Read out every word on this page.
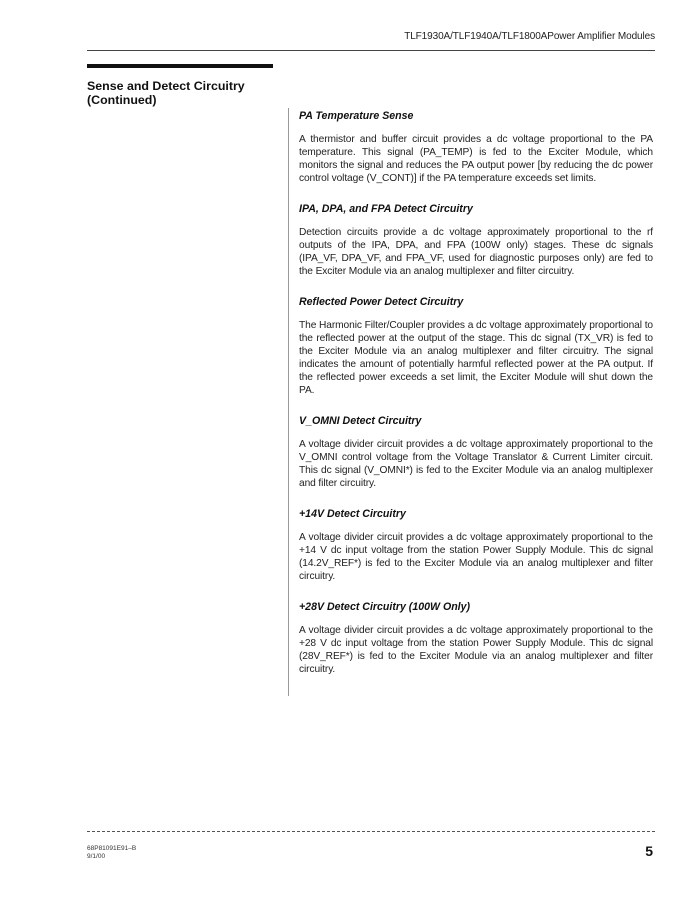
TLF1930A/TLF1940A/TLF1800APower Amplifier Modules
Sense and Detect Circuitry
(Continued)
PA Temperature Sense

A thermistor and buffer circuit provides a dc voltage proportional to the PA temperature. This signal (PA_TEMP) is fed to the Exciter Module, which monitors the signal and reduces the PA output power [by reducing the dc power control voltage (V_CONT)] if the PA temperature exceeds set limits.

IPA, DPA, and FPA Detect Circuitry

Detection circuits provide a dc voltage approximately proportional to the rf outputs of the IPA, DPA, and FPA (100W only) stages. These dc signals (IPA_VF, DPA_VF, and FPA_VF, used for diagnostic purposes only) are fed to the Exciter Module via an analog multiplexer and filter circuitry.

Reflected Power Detect Circuitry

The Harmonic Filter/Coupler provides a dc voltage approximately proportional to the reflected power at the output of the stage. This dc signal (TX_VR) is fed to the Exciter Module via an analog multiplexer and filter circuitry. The signal indicates the amount of potentially harmful reflected power at the PA output. If the reflected power exceeds a set limit, the Exciter Module will shut down the PA.

V_OMNI Detect Circuitry

A voltage divider circuit provides a dc voltage approximately proportional to the V_OMNI control voltage from the Voltage Translator & Current Limiter circuit. This dc signal (V_OMNI*) is fed to the Exciter Module via an analog multiplexer and filter circuitry.

+14V Detect Circuitry

A voltage divider circuit provides a dc voltage approximately proportional to the +14 V dc input voltage from the station Power Supply Module. This dc signal (14.2V_REF*) is fed to the Exciter Module via an analog multiplexer and filter circuitry.

+28V Detect Circuitry (100W Only)

A voltage divider circuit provides a dc voltage approximately proportional to the +28 V dc input voltage from the station Power Supply Module. This dc signal (28V_REF*) is fed to the Exciter Module via an analog multiplexer and filter circuitry.

68P81091E91–B
9/1/00	5
